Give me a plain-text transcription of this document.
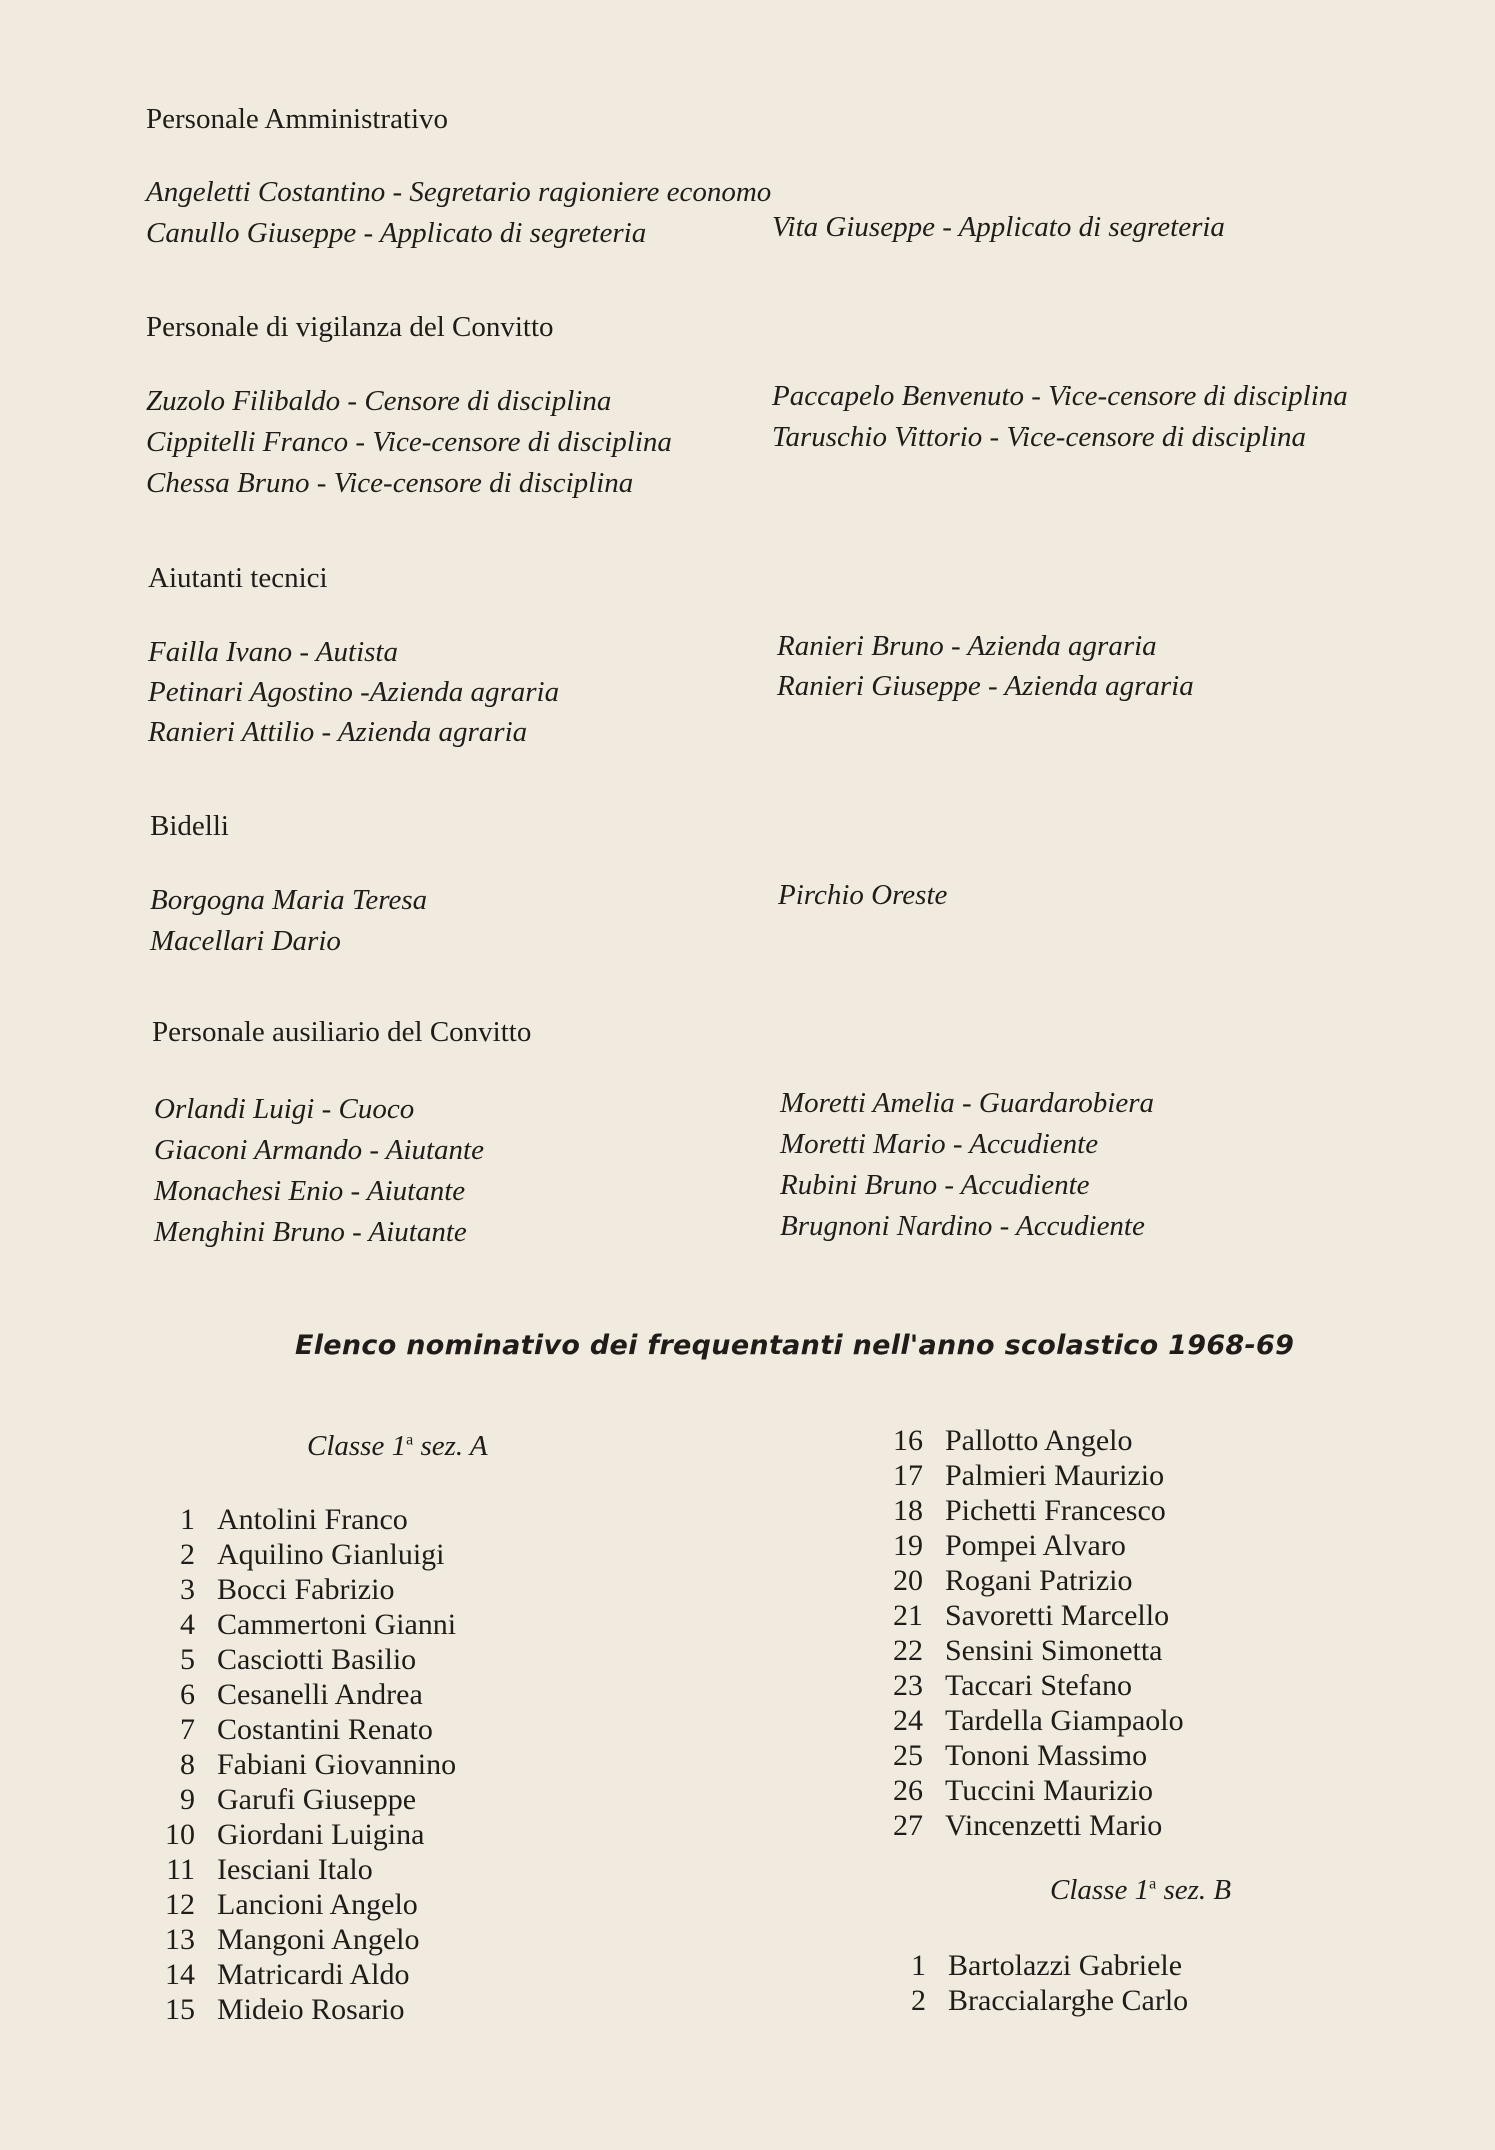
Personale Amministrativo
Angeletti Costantino - Segretario ragioniere economo
Canullo Giuseppe - Applicato di segreteria	Vita Giuseppe - Applicato di segreteria
Personale di vigilanza del Convitto
Zuzolo Filibaldo - Censore di disciplina
Cippitelli Franco - Vice-censore di disciplina
Chessa Bruno - Vice-censore di disciplina
Paccapelo Benvenuto - Vice-censore di disciplina
Taruschio Vittorio - Vice-censore di disciplina
Aiutanti tecnici
Failla Ivano - Autista
Petinari Agostino -Azienda agraria
Ranieri Attilio - Azienda agraria
Ranieri Bruno - Azienda agraria
Ranieri Giuseppe - Azienda agraria
Bidelli
Borgogna Maria Teresa
Macellari Dario
Pirchio Oreste
Personale ausiliario del Convitto
Orlandi Luigi - Cuoco
Giaconi Armando - Aiutante
Monachesi Enio - Aiutante
Menghini Bruno - Aiutante
Moretti Amelia - Guardarobiera
Moretti Mario - Accudiente
Rubini Bruno - Accudiente
Brugnoni Nardino - Accudiente
Elenco nominativo dei frequentanti nell'anno scolastico 1968-69
Classe 1$^a$ sez. A
1 Antolini Franco
2 Aquilino Gianluigi
3 Bocci Fabrizio
4 Cammertoni Gianni
5 Casciotti Basilio
6 Cesanelli Andrea
7 Costantini Renato
8 Fabiani Giovannino
9 Garufi Giuseppe
10 Giordani Luigina
11 Iesciani Italo
12 Lancioni Angelo
13 Mangoni Angelo
14 Matricardi Aldo
15 Mideio Rosario
16 Pallotto Angelo
17 Palmieri Maurizio
18 Pichetti Francesco
19 Pompei Alvaro
20 Rogani Patrizio
21 Savoretti Marcello
22 Sensini Simonetta
23 Taccari Stefano
24 Tardella Giampaolo
25 Tononi Massimo
26 Tuccini Maurizio
27 Vincenzetti Mario
Classe 1$^a$ sez. B
1 Bartolazzi Gabriele
2 Braccialarghe Carlo
